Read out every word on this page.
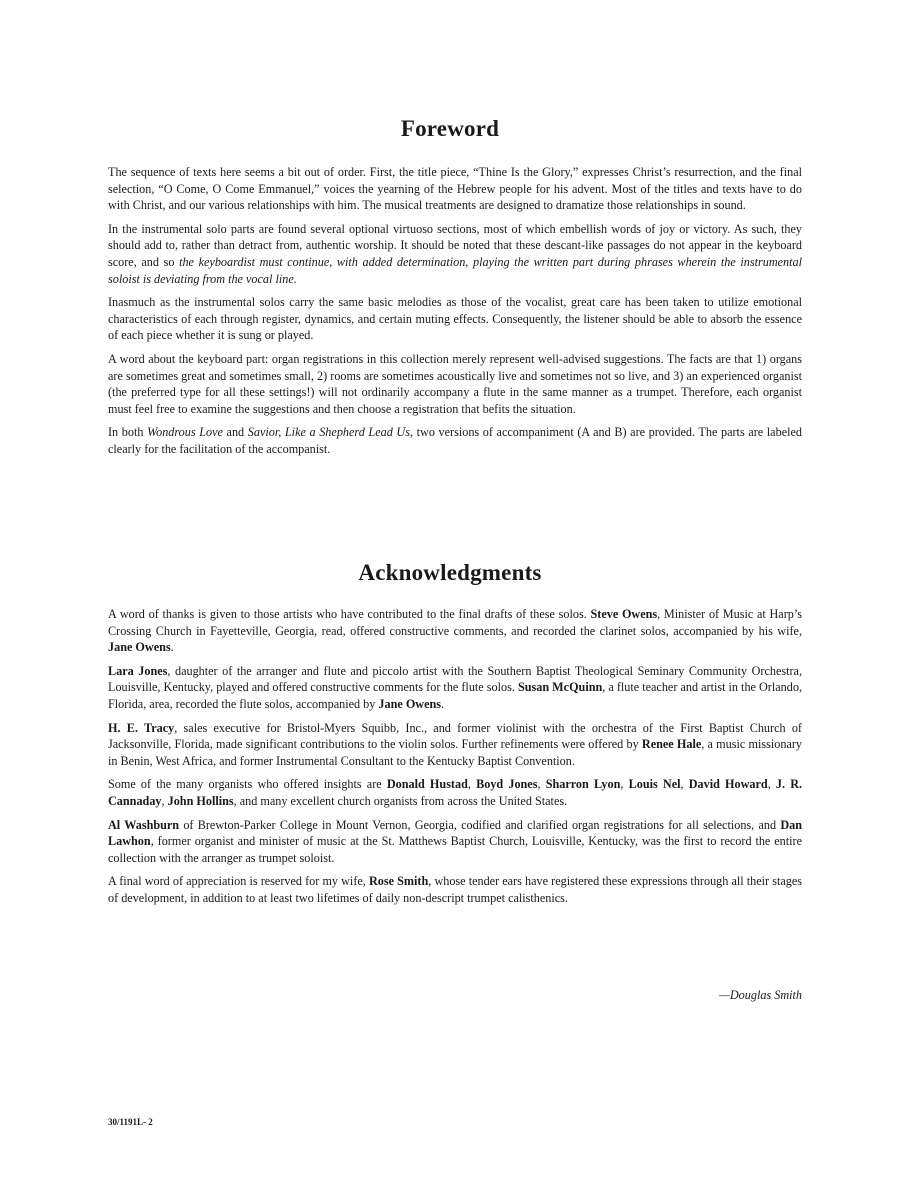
Foreword

The sequence of texts here seems a bit out of order. First, the title piece, “Thine Is the Glory,” expresses Christ’s resurrection, and the final selection, “O Come, O Come Emmanuel,” voices the yearning of the Hebrew people for his advent. Most of the titles and texts have to do with Christ, and our various relationships with him. The musical treatments are designed to dramatize those relationships in sound.

In the instrumental solo parts are found several optional virtuoso sections, most of which embellish words of joy or victory. As such, they should add to, rather than detract from, authentic worship. It should be noted that these descant-like passages do not appear in the keyboard score, and so the keyboardist must continue, with added determination, playing the written part during phrases wherein the instrumental soloist is deviating from the vocal line.

Inasmuch as the instrumental solos carry the same basic melodies as those of the vocalist, great care has been taken to utilize emotional characteristics of each through register, dynamics, and certain muting effects. Consequently, the listener should be able to absorb the essence of each piece whether it is sung or played.

A word about the keyboard part: organ registrations in this collection merely represent well-advised suggestions. The facts are that 1) organs are sometimes great and sometimes small, 2) rooms are sometimes acoustically live and sometimes not so live, and 3) an experienced organist (the preferred type for all these settings!) will not ordinarily accompany a flute in the same manner as a trumpet. Therefore, each organist must feel free to examine the suggestions and then choose a registration that befits the situation.

In both Wondrous Love and Savior, Like a Shepherd Lead Us, two versions of accompaniment (A and B) are provided. The parts are labeled clearly for the facilitation of the accompanist.

Acknowledgments

A word of thanks is given to those artists who have contributed to the final drafts of these solos. Steve Owens, Minister of Music at Harp’s Crossing Church in Fayetteville, Georgia, read, offered constructive comments, and recorded the clarinet solos, accompanied by his wife, Jane Owens.

Lara Jones, daughter of the arranger and flute and piccolo artist with the Southern Baptist Theological Seminary Community Orchestra, Louisville, Kentucky, played and offered constructive comments for the flute solos. Susan McQuinn, a flute teacher and artist in the Orlando, Florida, area, recorded the flute solos, accompanied by Jane Owens.

H. E. Tracy, sales executive for Bristol-Myers Squibb, Inc., and former violinist with the orchestra of the First Baptist Church of Jacksonville, Florida, made significant contributions to the violin solos. Further refinements were offered by Renee Hale, a music missionary in Benin, West Africa, and former Instrumental Consultant to the Kentucky Baptist Convention.

Some of the many organists who offered insights are Donald Hustad, Boyd Jones, Sharron Lyon, Louis Nel, David Howard, J. R. Cannaday, John Hollins, and many excellent church organists from across the United States.

Al Washburn of Brewton-Parker College in Mount Vernon, Georgia, codified and clarified organ registrations for all selections, and Dan Lawhon, former organist and minister of music at the St. Matthews Baptist Church, Louisville, Kentucky, was the first to record the entire collection with the arranger as trumpet soloist.

A final word of appreciation is reserved for my wife, Rose Smith, whose tender ears have registered these expressions through all their stages of development, in addition to at least two lifetimes of daily non-descript trumpet calisthenics.

—Douglas Smith
30/1191L- 2
